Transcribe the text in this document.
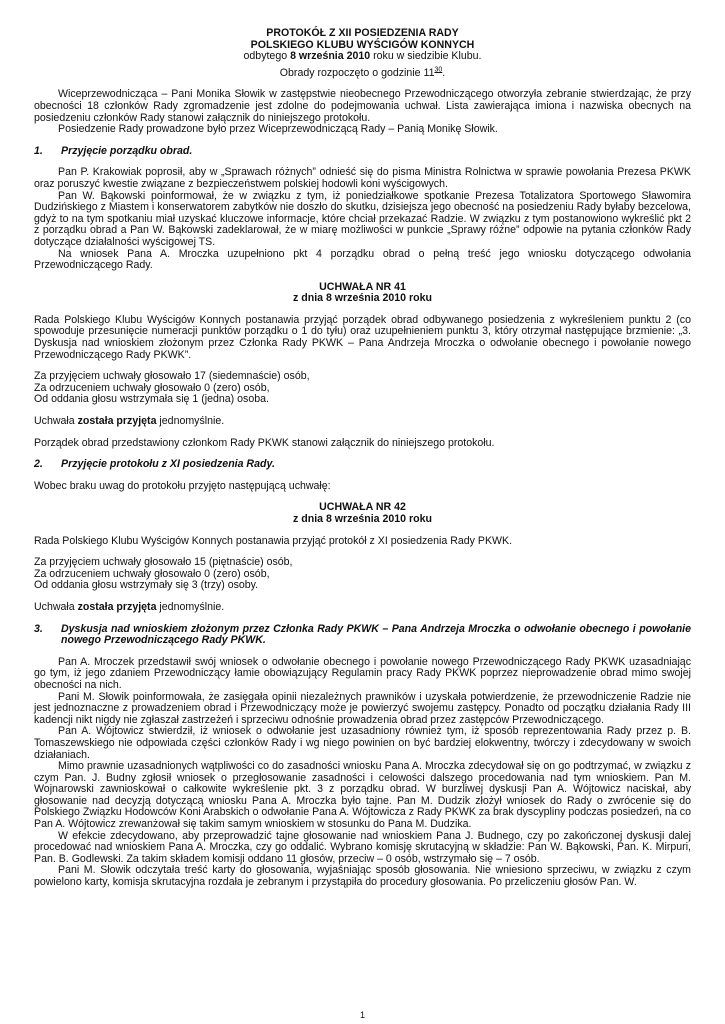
PROTOKÓŁ Z XII POSIEDZENIA RADY
POLSKIEGO KLUBU WYŚCIGÓW KONNYCH
odbytego 8 września 2010 roku w siedzibie Klubu.
Obrady rozpoczęto o godzinie $11^{30}$.

Wiceprzewodnicząca – Pani Monika Słowik w zastępstwie nieobecnego Przewodniczącego otworzyła zebranie stwierdzając, że przy obecności 18 członków Rady zgromadzenie jest zdolne do podejmowania uchwał. Lista zawierająca imiona i nazwiska obecnych na posiedzeniu członków Rady stanowi załącznik do niniejszego protokołu.

Posiedzenie Rady prowadzone było przez Wiceprzewodniczącą Rady – Panią Monikę Słowik.

1.	Przyjęcie porządku obrad.

Pan P. Krakowiak poprosił, aby w „Sprawach różnych” odnieść się do pisma Ministra Rolnictwa w sprawie powołania Prezesa PKWK oraz poruszyć kwestie związane z bezpieczeństwem polskiej hodowli koni wyścigowych.

Pan W. Bąkowski poinformował, że w związku z tym, iż poniedziałkowe spotkanie Prezesa Totalizatora Sportowego Sławomira Dudzińskiego z Miastem i konserwatorem zabytków nie doszło do skutku, dzisiejsza jego obecność na posiedzeniu Rady byłaby bezcelowa, gdyż to na tym spotkaniu miał uzyskać kluczowe informacje, które chciał przekazać Radzie. W związku z tym postanowiono wykreślić pkt 2 z porządku obrad a Pan W. Bąkowski zadeklarował, że w miarę możliwości w punkcie „Sprawy różne” odpowie na pytania członków Rady dotyczące działalności wyścigowej TS.

Na wniosek Pana A. Mroczka uzupełniono pkt 4 porządku obrad o pełną treść jego wniosku dotyczącego odwołania Przewodniczącego Rady.

UCHWAŁA NR 41
z dnia 8 września 2010 roku

Rada Polskiego Klubu Wyścigów Konnych postanawia przyjąć porządek obrad odbywanego posiedzenia z wykreśleniem punktu 2 (co spowoduje przesunięcie numeracji punktów porządku o 1 do tyłu) oraz uzupełnieniem punktu 3, który otrzymał następujące brzmienie: „3. Dyskusja nad wnioskiem złożonym przez Członka Rady PKWK – Pana Andrzeja Mroczka o odwołanie obecnego i powołanie nowego Przewodniczącego Rady PKWK”.

Za przyjęciem uchwały głosowało 17 (siedemnaście) osób,

Za odrzuceniem uchwały głosowało 0 (zero) osób,

Od oddania głosu wstrzymała się 1 (jedna) osoba.

Uchwała została przyjęta jednomyślnie.

Porządek obrad przedstawiony członkom Rady PKWK stanowi załącznik do niniejszego protokołu.

2.	Przyjęcie protokołu z XI posiedzenia Rady.

Wobec braku uwag do protokołu przyjęto następującą uchwałę:

UCHWAŁA NR 42
z dnia 8 września 2010 roku

Rada Polskiego Klubu Wyścigów Konnych postanawia przyjąć protokół z XI posiedzenia Rady PKWK.

Za przyjęciem uchwały głosowało 15 (piętnaście) osób,

Za odrzuceniem uchwały głosowało 0 (zero) osób,

Od oddania głosu wstrzymały się 3 (trzy) osoby.

Uchwała została przyjęta jednomyślnie.

3.	Dyskusja nad wnioskiem złożonym przez Członka Rady PKWK – Pana Andrzeja Mroczka o odwołanie obecnego i powołanie nowego Przewodniczącego Rady PKWK.

Pan A. Mroczek przedstawił swój wniosek o odwołanie obecnego i powołanie nowego Przewodniczącego Rady PKWK uzasadniając go tym, iż jego zdaniem Przewodniczący łamie obowiązujący Regulamin pracy Rady PKWK poprzez nieprowadzenie obrad mimo swojej obecności na nich.

Pani M. Słowik poinformowała, że zasięgała opinii niezależnych prawników i uzyskała potwierdzenie, że przewodniczenie Radzie nie jest jednoznaczne z prowadzeniem obrad i Przewodniczący może je powierzyć swojemu zastępcy. Ponadto od początku działania Rady III kadencji nikt nigdy nie zgłaszał zastrzeżeń i sprzeciwu odnośnie prowadzenia obrad przez zastępców Przewodniczącego.

Pan A. Wójtowicz stwierdził, iż wniosek o odwołanie jest uzasadniony również tym, iż sposób reprezentowania Rady przez p. B. Tomaszewskiego nie odpowiada części członków Rady i wg niego powinien on być bardziej elokwentny, twórczy i zdecydowany w swoich działaniach.

Mimo prawnie uzasadnionych wątpliwości co do zasadności wniosku Pana A. Mroczka zdecydował się on go podtrzymać, w związku z czym Pan. J. Budny zgłosił wniosek o przegłosowanie zasadności i celowości dalszego procedowania nad tym wnioskiem. Pan M. Wojnarowski zawnioskował o całkowite wykreślenie pkt. 3 z porządku obrad. W burzliwej dyskusji Pan A. Wójtowicz naciskał, aby głosowanie nad decyzją dotyczącą wniosku Pana A. Mroczka było tajne. Pan M. Dudzik złożył wniosek do Rady o zwrócenie się do Polskiego Związku Hodowców Koni Arabskich o odwołanie Pana A. Wójtowicza z Rady PKWK za brak dyscypliny podczas posiedzeń, na co Pan A. Wójtowicz zrewanżował się takim samym wnioskiem w stosunku do Pana M. Dudzika.

W efekcie zdecydowano, aby przeprowadzić tajne głosowanie nad wnioskiem Pana J. Budnego, czy po zakończonej dyskusji dalej procedować nad wnioskiem Pana A. Mroczka, czy go oddalić. Wybrano komisję skrutacyjną w składzie: Pan W. Bąkowski, Pan. K. Mirpuri, Pan. B. Godlewski. Za takim składem komisji oddano 11 głosów, przeciw – 0 osób, wstrzymało się – 7 osób.

Pani M. Słowik odczytała treść karty do głosowania, wyjaśniając sposób głosowania. Nie wniesiono sprzeciwu, w związku z czym powielono karty, komisja skrutacyjna rozdała je zebranym i przystąpiła do procedury głosowania. Po przeliczeniu głosów Pan. W.

1
